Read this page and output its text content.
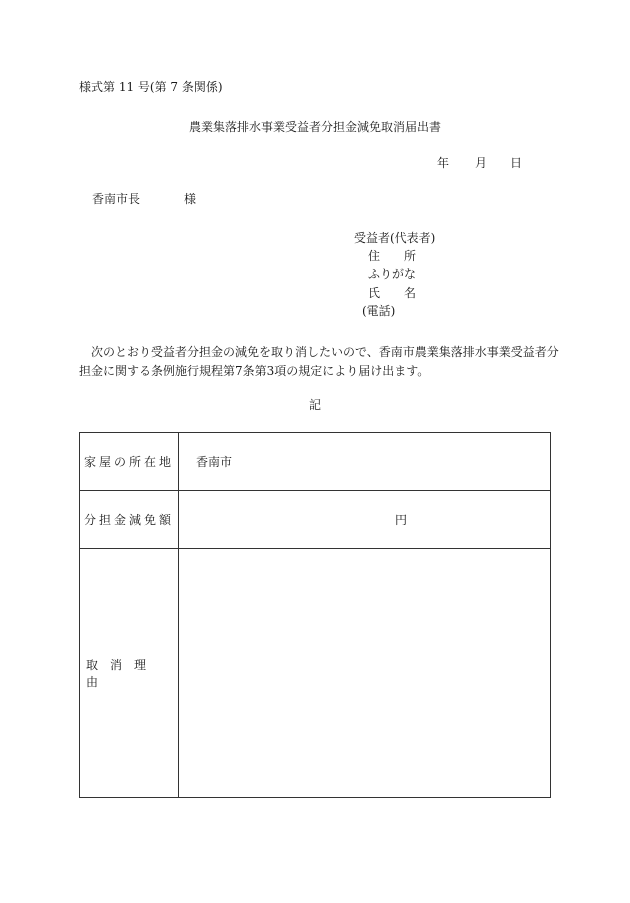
様式第 11 号(第 7 条関係)
農業集落排水事業受益者分担金減免取消届出書
年 月 日
香南市長	様
受益者(代表者)
住　　所
ふりがな
氏　　名
(電話)
次のとおり受益者分担金の減免を取り消したいので、香南市農業集落排水事業受益者分
担金に関する条例施行規程第7条第3項の規定により届け出ます。
記
家屋の所在地 香南市
分担金減免額	円
取消理由
